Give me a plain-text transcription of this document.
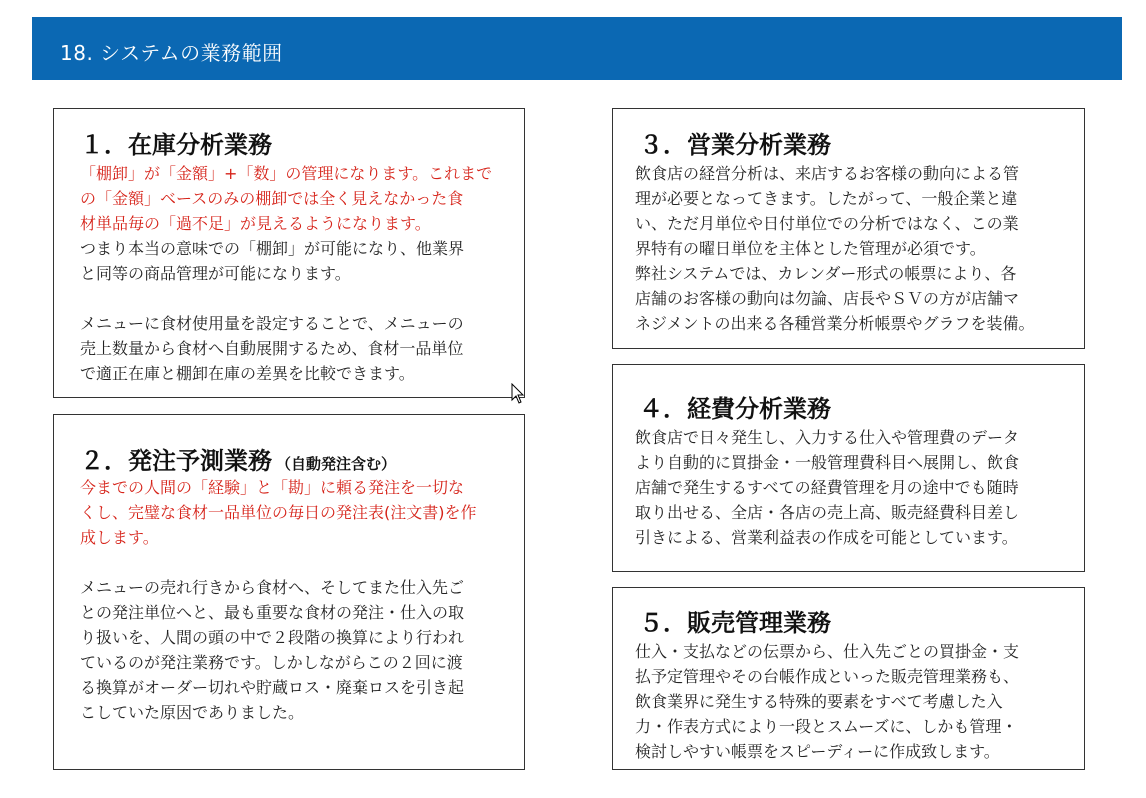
18. システムの業務範囲
１．在庫分析業務
「棚卸」が「金額」+「数」の管理になります。これまで
の「金額」ベースのみの棚卸では全く見えなかった食
材単品毎の「過不足」が見えるようになります。
つまり本当の意味での「棚卸」が可能になり、他業界
と同等の商品管理が可能になります。
メニューに食材使用量を設定することで、メニューの
売上数量から食材へ自動展開するため、食材一品単位
で適正在庫と棚卸在庫の差異を比較できます。
２．発注予測業務 （自動発注含む）
今までの人間の「経験」と「勘」に頼る発注を一切な
くし、完璧な食材一品単位の毎日の発注表(注文書)を作
成します。
メニューの売れ行きから食材へ、そしてまた仕入先ご
との発注単位へと、最も重要な食材の発注・仕入の取
り扱いを、人間の頭の中で２段階の換算により行われ
ているのが発注業務です。しかしながらこの２回に渡
る換算がオーダー切れや貯蔵ロス・廃棄ロスを引き起
こしていた原因でありました。
３．営業分析業務
飲食店の経営分析は、来店するお客様の動向による管
理が必要となってきます。したがって、一般企業と違
い、ただ月単位や日付単位での分析ではなく、この業
界特有の曜日単位を主体とした管理が必須です。
弊社システムでは、カレンダー形式の帳票により、各
店舗のお客様の動向は勿論、店長やＳＶの方が店舗マ
ネジメントの出来る各種営業分析帳票やグラフを装備。
４．経費分析業務
飲食店で日々発生し、入力する仕入や管理費のデータ
より自動的に買掛金・一般管理費科目へ展開し、飲食
店舗で発生するすべての経費管理を月の途中でも随時
取り出せる、全店・各店の売上高、販売経費科目差し
引きによる、営業利益表の作成を可能としています。
５．販売管理業務
仕入・支払などの伝票から、仕入先ごとの買掛金・支
払予定管理やその台帳作成といった販売管理業務も、
飲食業界に発生する特殊的要素をすべて考慮した入
力・作表方式により一段とスムーズに、しかも管理・
検討しやすい帳票をスピーディーに作成致します。
